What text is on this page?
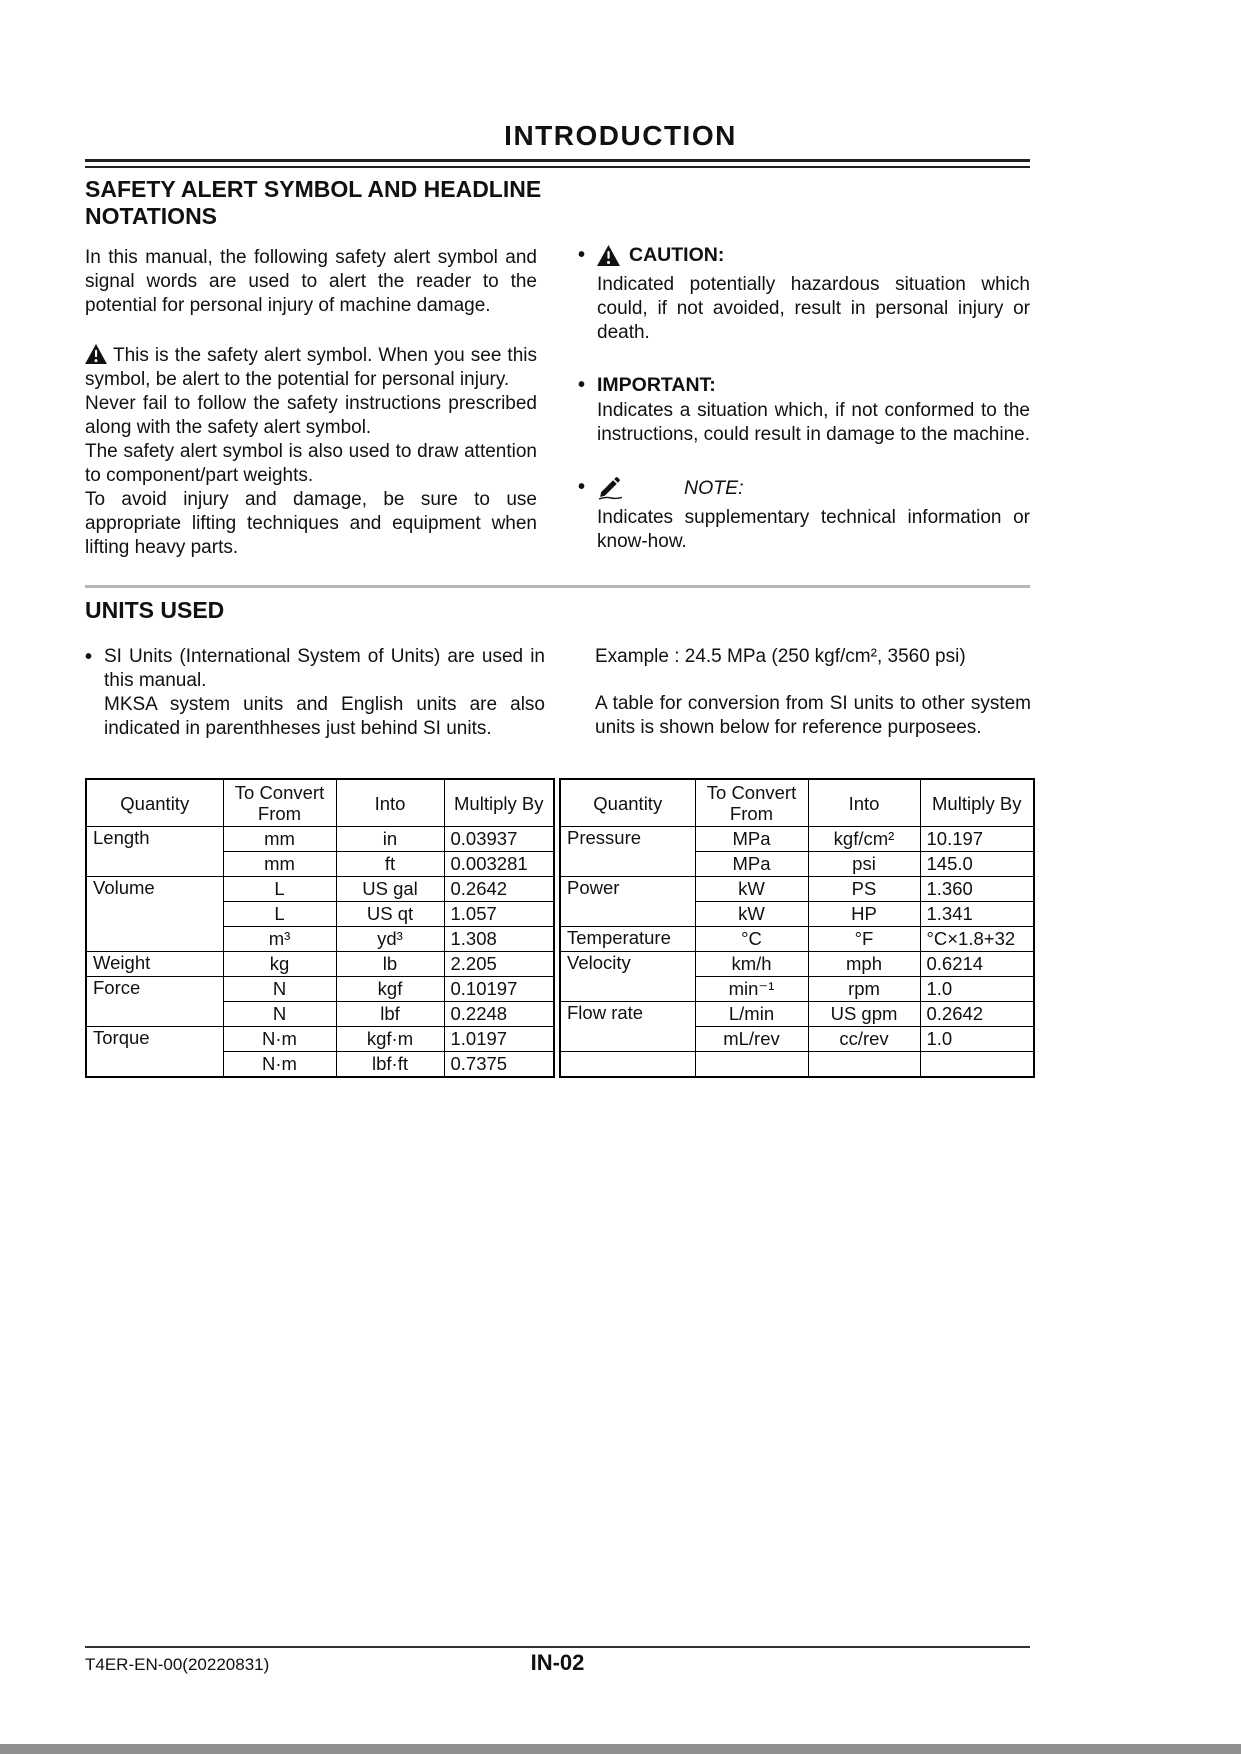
INTRODUCTION
SAFETY ALERT SYMBOL AND HEADLINE NOTATIONS

In this manual, the following safety alert symbol and signal words are used to alert the reader to the potential for personal injury of machine damage.

This is the safety alert symbol. When you see this symbol, be alert to the potential for personal injury.

Never fail to follow the safety instructions prescribed along with the safety alert symbol.

The safety alert symbol is also used to draw attention to component/part weights.

To avoid injury and damage, be sure to use appropriate lifting techniques and equipment when lifting heavy parts.

•	CAUTION:

Indicated potentially hazardous situation which could, if not avoided, result in personal injury or death.

• IMPORTANT:

Indicates a situation which, if not conformed to the instructions, could result in damage to the machine.

•	NOTE:

Indicates supplementary technical information or know-how.

UNITS USED
• SI Units (International System of Units) are used in this manual.

MKSA system units and English units are also indicated in parenthheses just behind SI units.

Example : 24.5 MPa (250 kgf/cm², 3560 psi)

A table for conversion from SI units to other system units is shown below for reference purposees.

Quantity	To Convert From	Into	Multiply By
Length	mm	in	0.03937
	mm	ft	0.003281
Volume	L	US gal	0.2642
	L	US qt	1.057
	m³	yd³	1.308
Weight	kg	lb	2.205
Force	N	kgf	0.10197
	N	lbf	0.2248
Torque	N·m	kgf·m	1.0197
	N·m	lbf·ft	0.7375
Quantity	To Convert From	Into	Multiply By
Pressure	MPa	kgf/cm²	10.197
	MPa	psi	145.0
Power	kW	PS	1.360
	kW	HP	1.341
Temperature	°C	°F	°C×1.8+32
Velocity	km/h	mph	0.6214
	min⁻¹	rpm	1.0
Flow rate	L/min	US gpm	0.2642
	mL/rev	cc/rev	1.0

T4ER-EN-00(20220831)	IN-02
